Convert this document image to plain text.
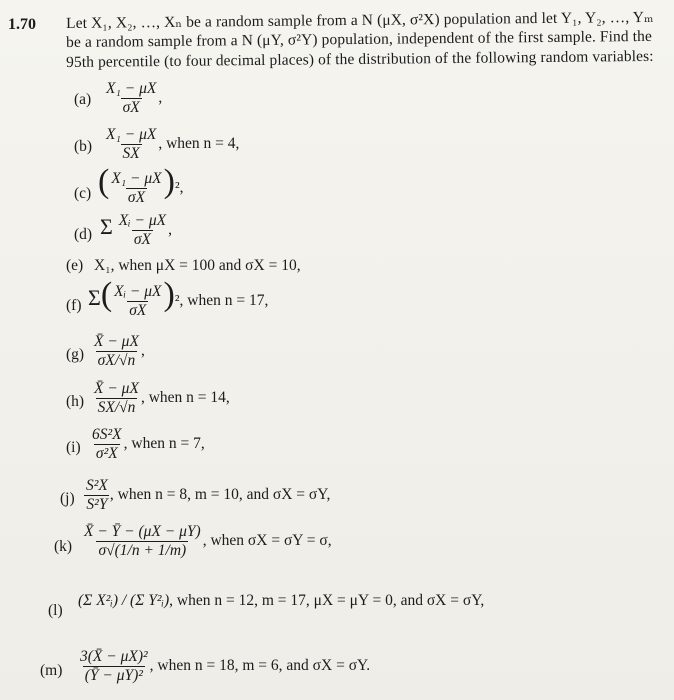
1.70 Let X₁, X₂, …, Xₙ be a random sample from a N (μX, σ²X) population and let Y₁, Y₂, …, Yₘ
be a random sample from a N (μY, σ²Y) population, independent of the first sample. Find the
95th percentile (to four decimal places) of the distribution of the following random variables:
$(a) \frac{\text{X₁ − μX}}{\sigma X}$ ,
$(b) \frac{\text{X₁ − μX}}{SX}$ , when n = 4,
(c) ( $\frac{\text{X₁ − μX}}{\sigma X} )^2$,
(d) Σ $\frac{\text{Xᵢ − μX}}{\sigma X}$ ,
(e) X₁, when μX = 100 and σX = 10,
(f) $\Sigma( \frac{\text{Xᵢ − μX}}{\sigma X} )^2$, when n = 17,
$(g) \frac{X̄ - \mu X}{\sigma X/√n}$ ,
$(h) \frac{X̄ - \mu X}{SX/√n}$ , when n = 14,
$(i) \frac{\text{6S²X}}{\text{σ²X}}$ , when n = 7,
$(j) \frac{\text{S²X}}{\text{S²Y}}$ , when n = 8, m = 10, and σX = σY,
$(k) \frac{X̄ - Ȳ - (\mu X - \mu Y)}{\sigma√(1/n + 1/m)}$ , when σX = σY = σ,
(l)
(Σ X²ᵢ) / (Σ Y²ᵢ), when n = 12, m = 17, μX = μY = 0, and σX = σY,
$(m) \frac{\text{3(X̄ − μX)²}}{\text{(Ȳ − μY)²}}$ , when n = 18, m = 6, and σX = σY.
